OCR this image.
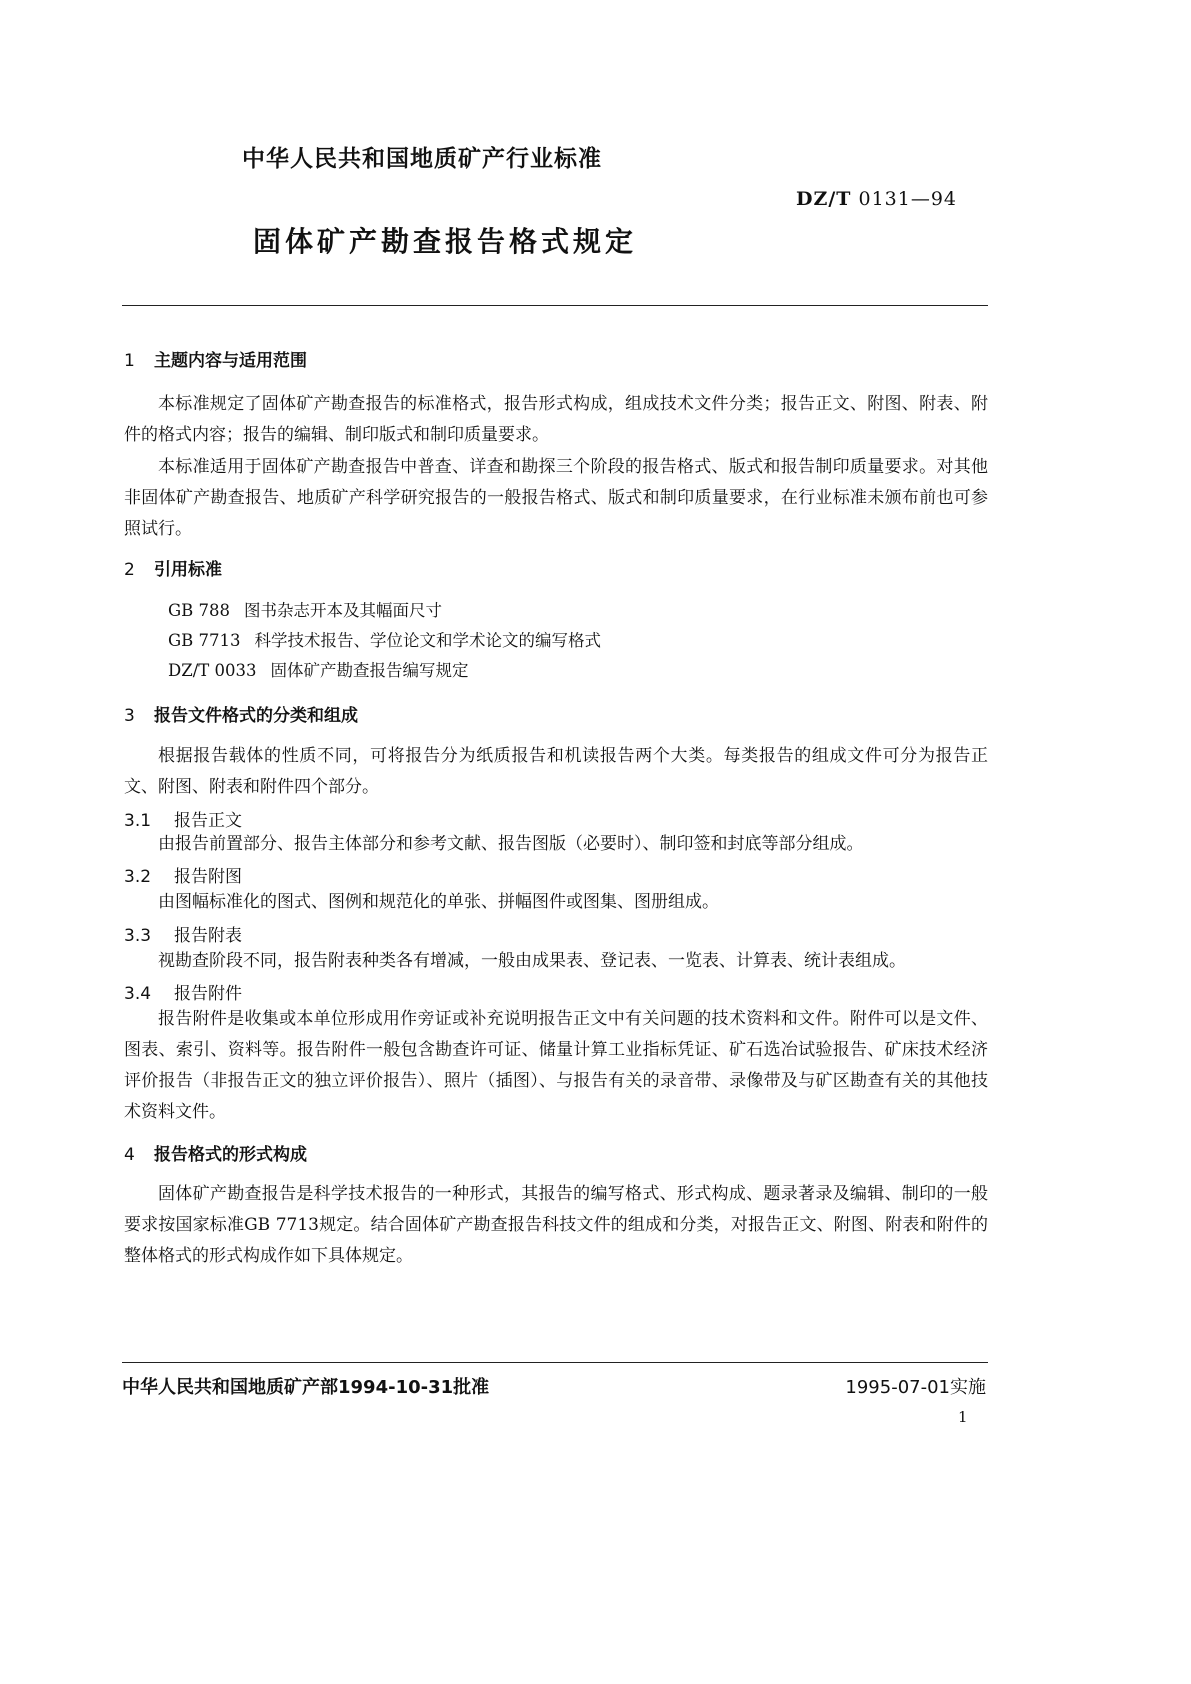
中华人民共和国地质矿产行业标准
DZ/T 0131—94
固体矿产勘查报告格式规定
1 主题内容与适用范围
本标准规定了固体矿产勘查报告的标准格式，报告形式构成，组成技术文件分类；报告正文、附图、附表、附件的格式内容；报告的编辑、制印版式和制印质量要求。
本标准适用于固体矿产勘查报告中普查、详查和勘探三个阶段的报告格式、版式和报告制印质量要求。对其他非固体矿产勘查报告、地质矿产科学研究报告的一般报告格式、版式和制印质量要求，在行业标准未颁布前也可参照试行。
2 引用标准
GB 788 图书杂志开本及其幅面尺寸
GB 7713 科学技术报告、学位论文和学术论文的编写格式
DZ/T 0033 固体矿产勘查报告编写规定
3 报告文件格式的分类和组成
根据报告载体的性质不同，可将报告分为纸质报告和机读报告两个大类。每类报告的组成文件可分为报告正文、附图、附表和附件四个部分。
3.1 报告正文
由报告前置部分、报告主体部分和参考文献、报告图版（必要时）、制印签和封底等部分组成。
3.2 报告附图
由图幅标准化的图式、图例和规范化的单张、拼幅图件或图集、图册组成。
3.3 报告附表
视勘查阶段不同，报告附表种类各有增减，一般由成果表、登记表、一览表、计算表、统计表组成。
3.4 报告附件
报告附件是收集或本单位形成用作旁证或补充说明报告正文中有关问题的技术资料和文件。附件可以是文件、图表、索引、资料等。报告附件一般包含勘查许可证、储量计算工业指标凭证、矿石选冶试验报告、矿床技术经济评价报告（非报告正文的独立评价报告）、照片（插图）、与报告有关的录音带、录像带及与矿区勘查有关的其他技术资料文件。
4 报告格式的形式构成
固体矿产勘查报告是科学技术报告的一种形式，其报告的编写格式、形式构成、题录著录及编辑、制印的一般要求按国家标准GB 7713规定。结合固体矿产勘查报告科技文件的组成和分类，对报告正文、附图、附表和附件的整体格式的形式构成作如下具体规定。
中华人民共和国地质矿产部1994-10-31批准	1995-07-01实施
1
